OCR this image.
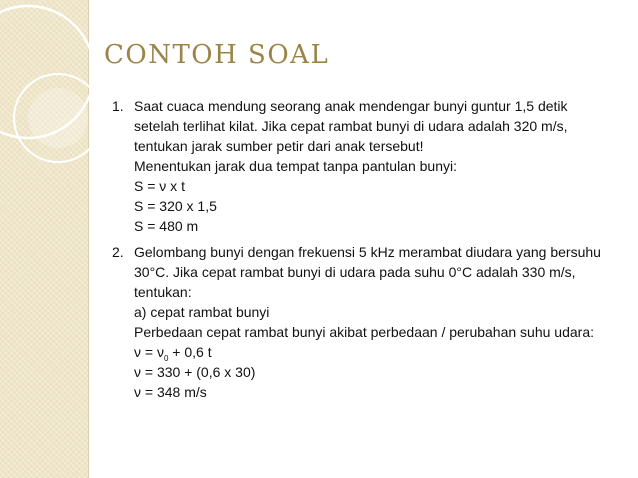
CONTOH SOAL
1. Saat cuaca mendung seorang anak mendengar bunyi guntur 1,5 detik
setelah terlihat kilat. Jika cepat rambat bunyi di udara adalah 320 m/s,
tentukan jarak sumber petir dari anak tersebut!
Menentukan jarak dua tempat tanpa pantulan bunyi:
S = ν x t
S = 320 x 1,5
S = 480 m
2. Gelombang bunyi dengan frekuensi 5 kHz merambat diudara yang bersuhu
30°C. Jika cepat rambat bunyi di udara pada suhu 0°C adalah 330 m/s,
tentukan:
a) cepat rambat bunyi
Perbedaan cepat rambat bunyi akibat perbedaan / perubahan suhu udara:
$\nu = \nu_0 + 0,6$ t
ν = 330 + (0,6 x 30)
ν = 348 m/s
